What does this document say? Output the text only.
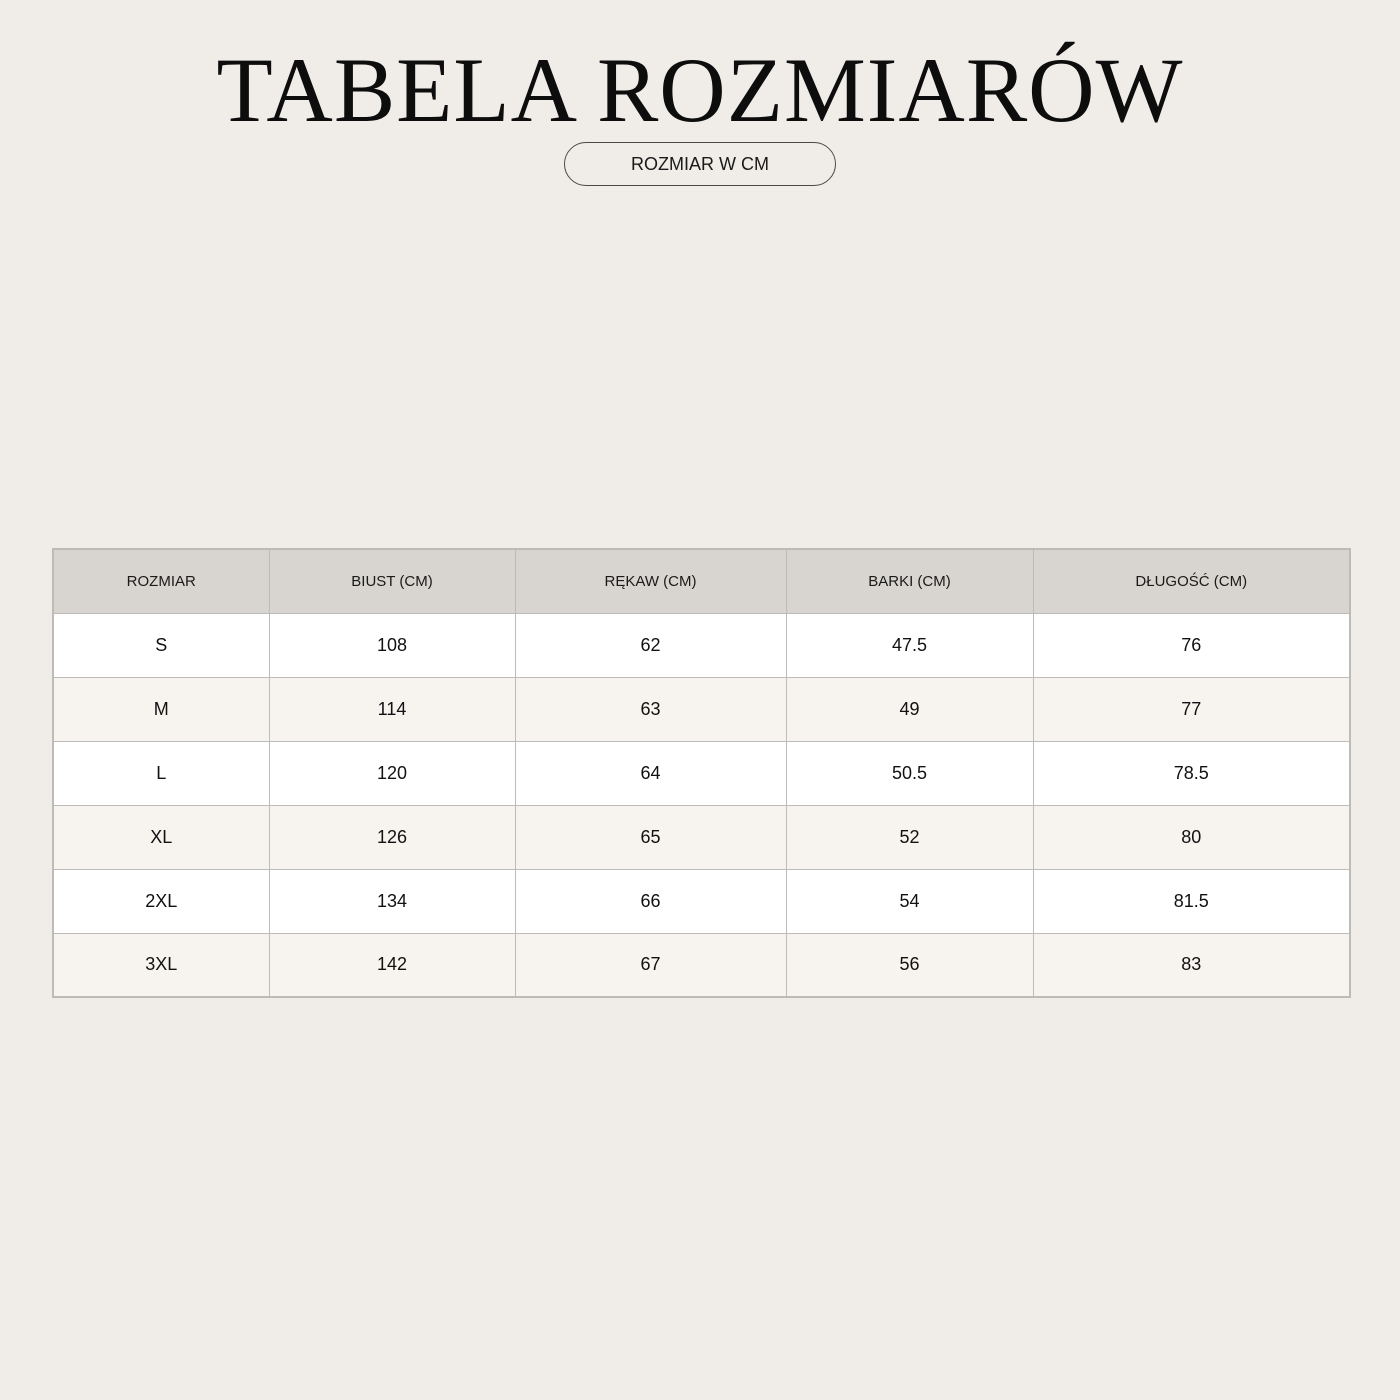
TABELA ROZMIARÓW
ROZMIAR W CM
ROZMIAR	BIUST (CM)	RĘKAW (CM)	BARKI (CM)	DŁUGOŚĆ (CM)
S	108	62	47.5	76
M	114	63	49	77
L	120	64	50.5	78.5
XL	126	65	52	80
2XL	134	66	54	81.5
3XL	142	67	56	83
